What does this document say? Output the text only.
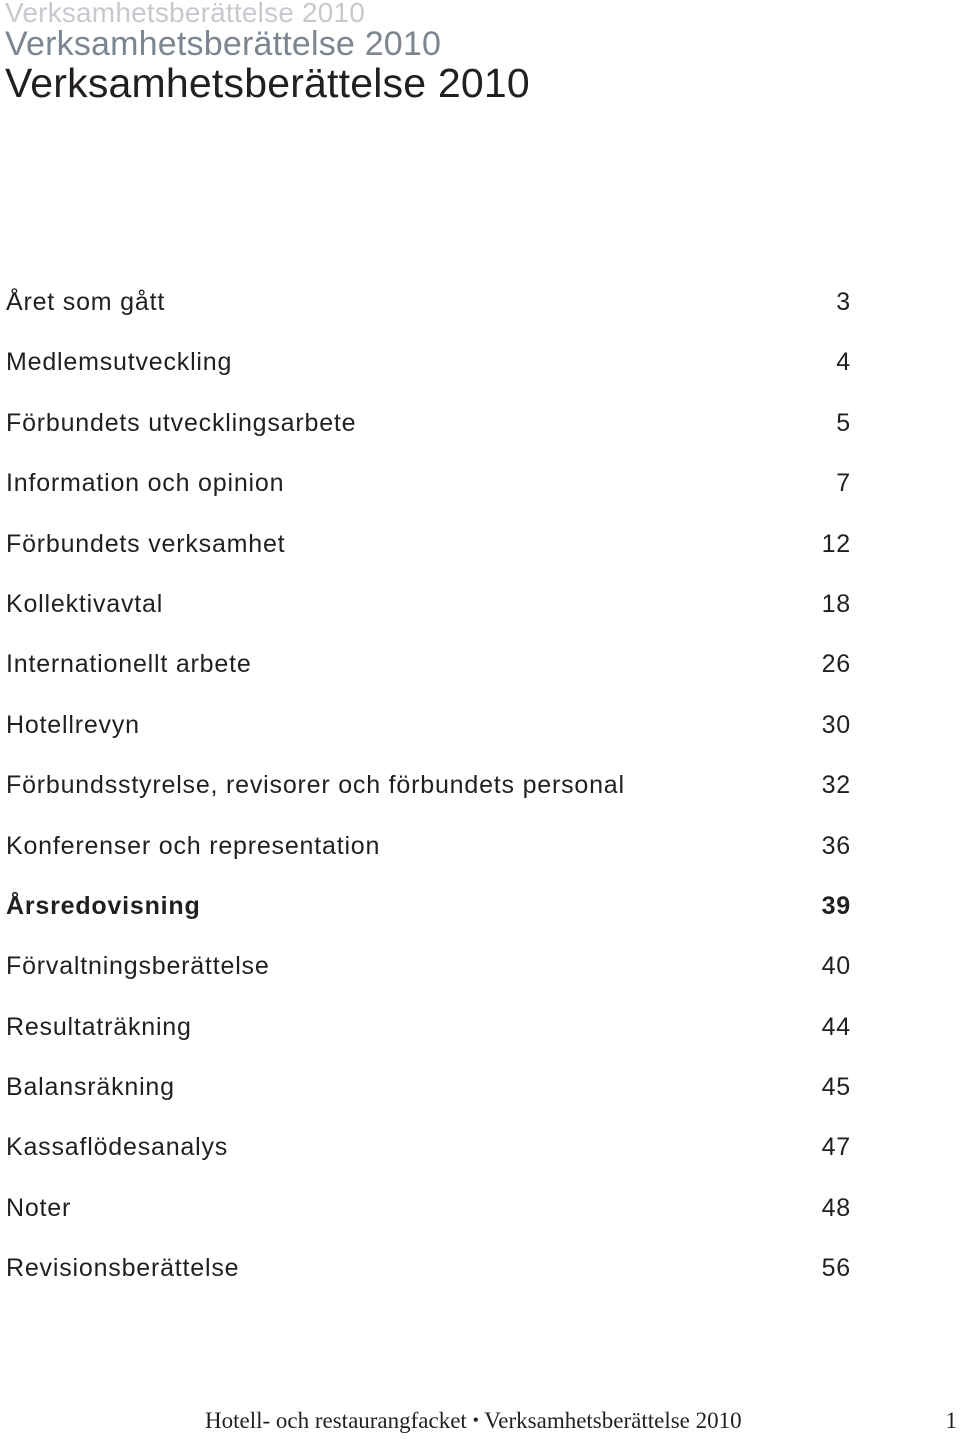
Verksamhetsberättelse 2010
Verksamhetsberättelse 2010
Verksamhetsberättelse 2010
Året som gått	3
Medlemsutveckling	4
Förbundets utvecklingsarbete	5
Information och opinion	7
Förbundets verksamhet	12
Kollektivavtal	18
Internationellt arbete	26
Hotellrevyn	30
Förbundsstyrelse, revisorer och förbundets personal	32
Konferenser och representation	36
Årsredovisning	39
Förvaltningsberättelse	40
Resultaträkning	44
Balansräkning	45
Kassaflödesanalys	47
Noter	48
Revisionsberättelse	56
Hotell- och restaurangfacket • Verksamhetsberättelse 2010	1
